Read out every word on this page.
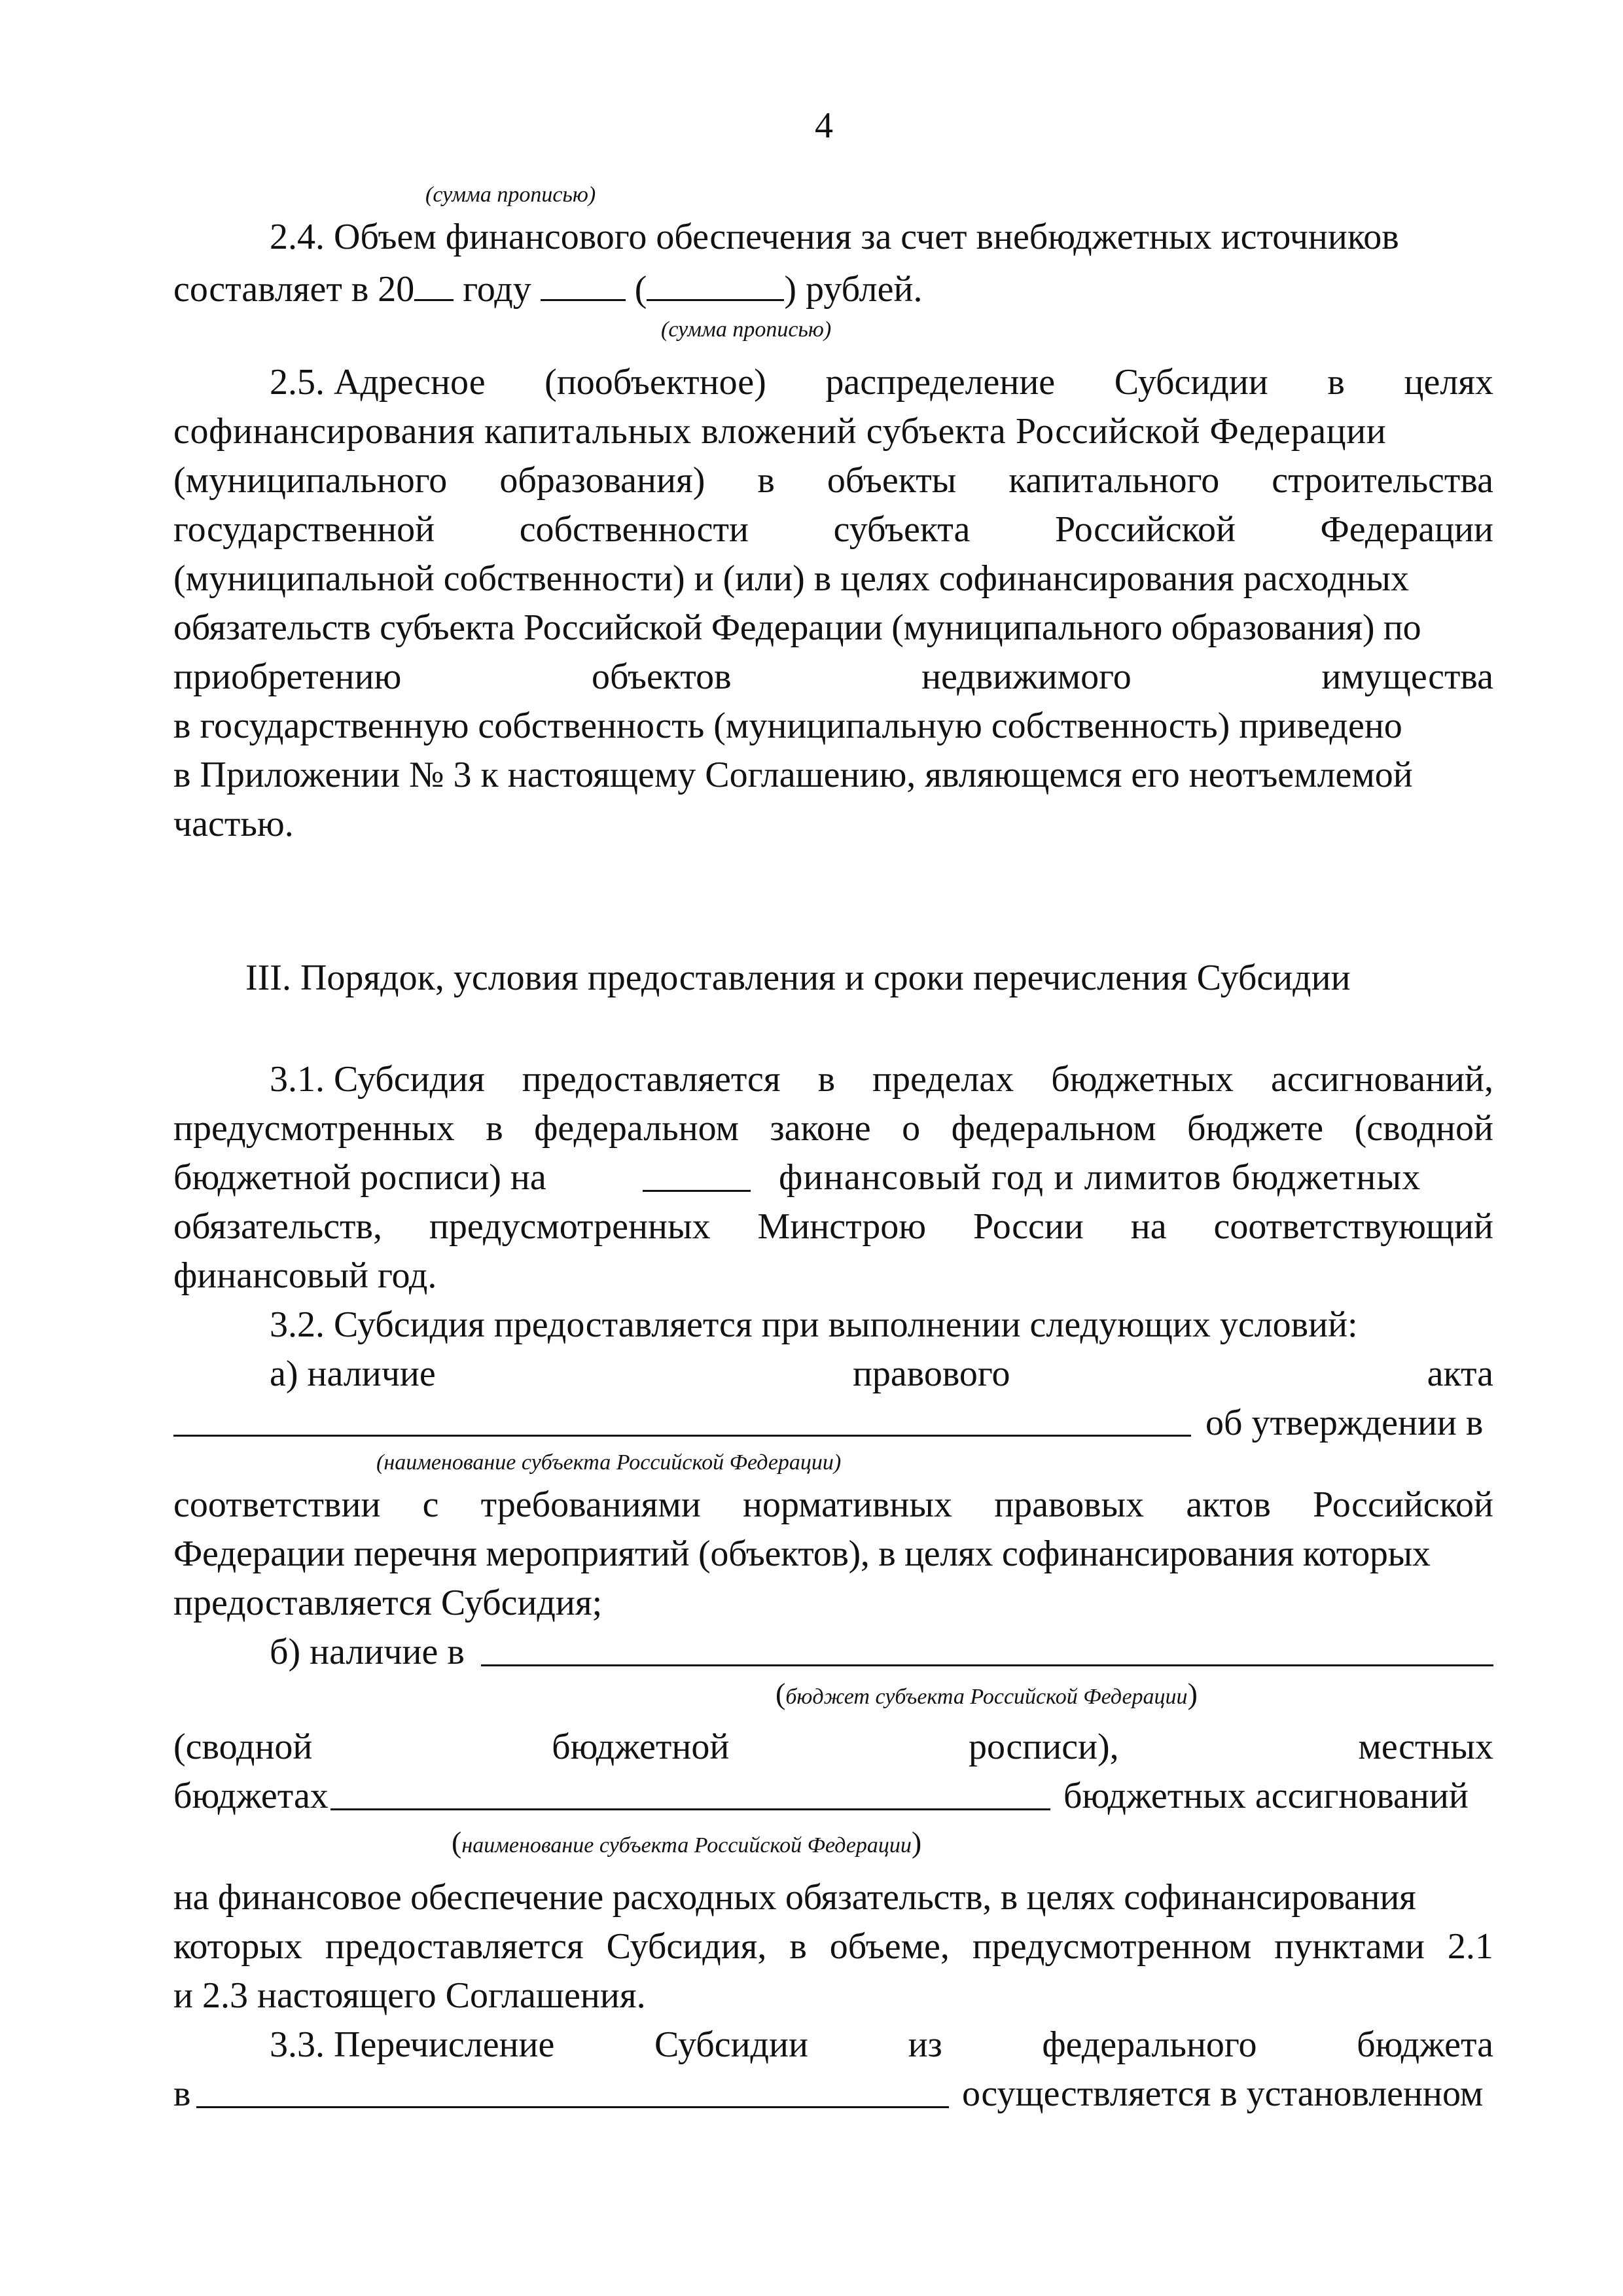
4
(сумма прописью)
2.4. Объем финансового обеспечения за счет внебюджетных источников
составляет в 20 году  (	) рублей.
(сумма прописью)
2.5. Адресное (пообъектное) распределение Субсидии в целях
софинансирования капитальных вложений субъекта Российской Федерации
(муниципального образования) в объекты капитального строительства
государственной собственности субъекта Российской Федерации
(муниципальной собственности) и (или) в целях софинансирования расходных
обязательств субъекта Российской Федерации (муниципального образования) по
приобретению	объектов	недвижимого	имущества
в государственную собственность (муниципальную собственность) приведено
в Приложении № 3 к настоящему Соглашению, являющемся его неотъемлемой
частью.
III. Порядок, условия предоставления и сроки перечисления Субсидии
3.1. Субсидия предоставляется в пределах бюджетных ассигнований,
предусмотренных в федеральном законе о федеральном бюджете (сводной
бюджетной росписи) на	финансовый год и лимитов бюджетных
обязательств, предусмотренных Минстрою России на соответствующий
финансовый год.
3.2. Субсидия предоставляется при выполнении следующих условий:
а) наличие	правового	акта
об утверждении в
(наименование субъекта Российской Федерации)
соответствии с требованиями нормативных правовых актов Российской
Федерации перечня мероприятий (объектов), в целях софинансирования которых
предоставляется Субсидия;
б) наличие в
(бюджет субъекта Российской Федерации)
(сводной	бюджетной	росписи),	местных
бюджетах	бюджетных ассигнований
(наименование субъекта Российской Федерации)
на финансовое обеспечение расходных обязательств, в целях софинансирования
которых предоставляется Субсидия, в объеме, предусмотренном пунктами 2.1
и 2.3 настоящего Соглашения.
3.3. Перечисление	Субсидии	из	федерального	бюджета
в	осуществляется в установленном
